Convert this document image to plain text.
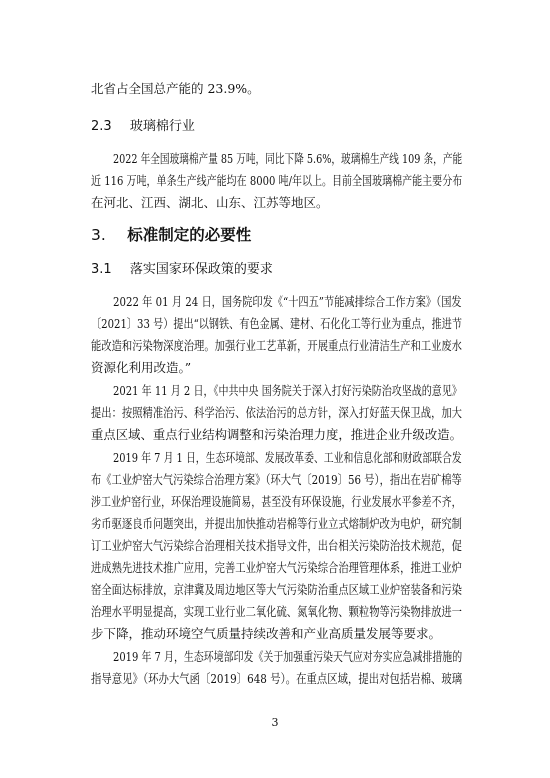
北省占全国总产能的 23.9%。
2.3 玻璃棉行业
2022 年全国玻璃棉产量 85 万吨，同比下降 5.6%，玻璃棉生产线 109 条，产能
近 116 万吨，单条生产线产能均在 8000 吨/年以上。目前全国玻璃棉产能主要分布
在河北、江西、湖北、山东、江苏等地区。
3. 标准制定的必要性
3.1 落实国家环保政策的要求
2022 年 01 月 24 日，国务院印发《“十四五”节能减排综合工作方案》（国发
〔2021〕33 号）提出“以钢铁、有色金属、建材、石化化工等行业为重点，推进节
能改造和污染物深度治理。加强行业工艺革新，开展重点行业清洁生产和工业废水
资源化利用改造。”
2021 年 11 月 2 日，《中共中央 国务院关于深入打好污染防治攻坚战的意见》
提出：按照精准治污、科学治污、依法治污的总方针，深入打好蓝天保卫战，加大
重点区域、重点行业结构调整和污染治理力度，推进企业升级改造。
2019 年 7 月 1 日，生态环境部、发展改革委、工业和信息化部和财政部联合发
布《工业炉窑大气污染综合治理方案》（环大气〔2019〕56 号），指出在岩矿棉等
涉工业炉窑行业，环保治理设施简易，甚至没有环保设施，行业发展水平参差不齐，
劣币驱逐良币问题突出，并提出加快推动岩棉等行业立式熔制炉改为电炉，研究制
订工业炉窑大气污染综合治理相关技术指导文件，出台相关污染防治技术规范，促
进成熟先进技术推广应用，完善工业炉窑大气污染综合治理管理体系，推进工业炉
窑全面达标排放，京津冀及周边地区等大气污染防治重点区域工业炉窑装备和污染
治理水平明显提高，实现工业行业二氧化硫、氮氧化物、颗粒物等污染物排放进一
步下降，推动环境空气质量持续改善和产业高质量发展等要求。
2019 年 7 月，生态环境部印发《关于加强重污染天气应对夯实应急减排措施的
指导意见》（环办大气函〔2019〕648 号）。在重点区域，提出对包括岩棉、玻璃
3
